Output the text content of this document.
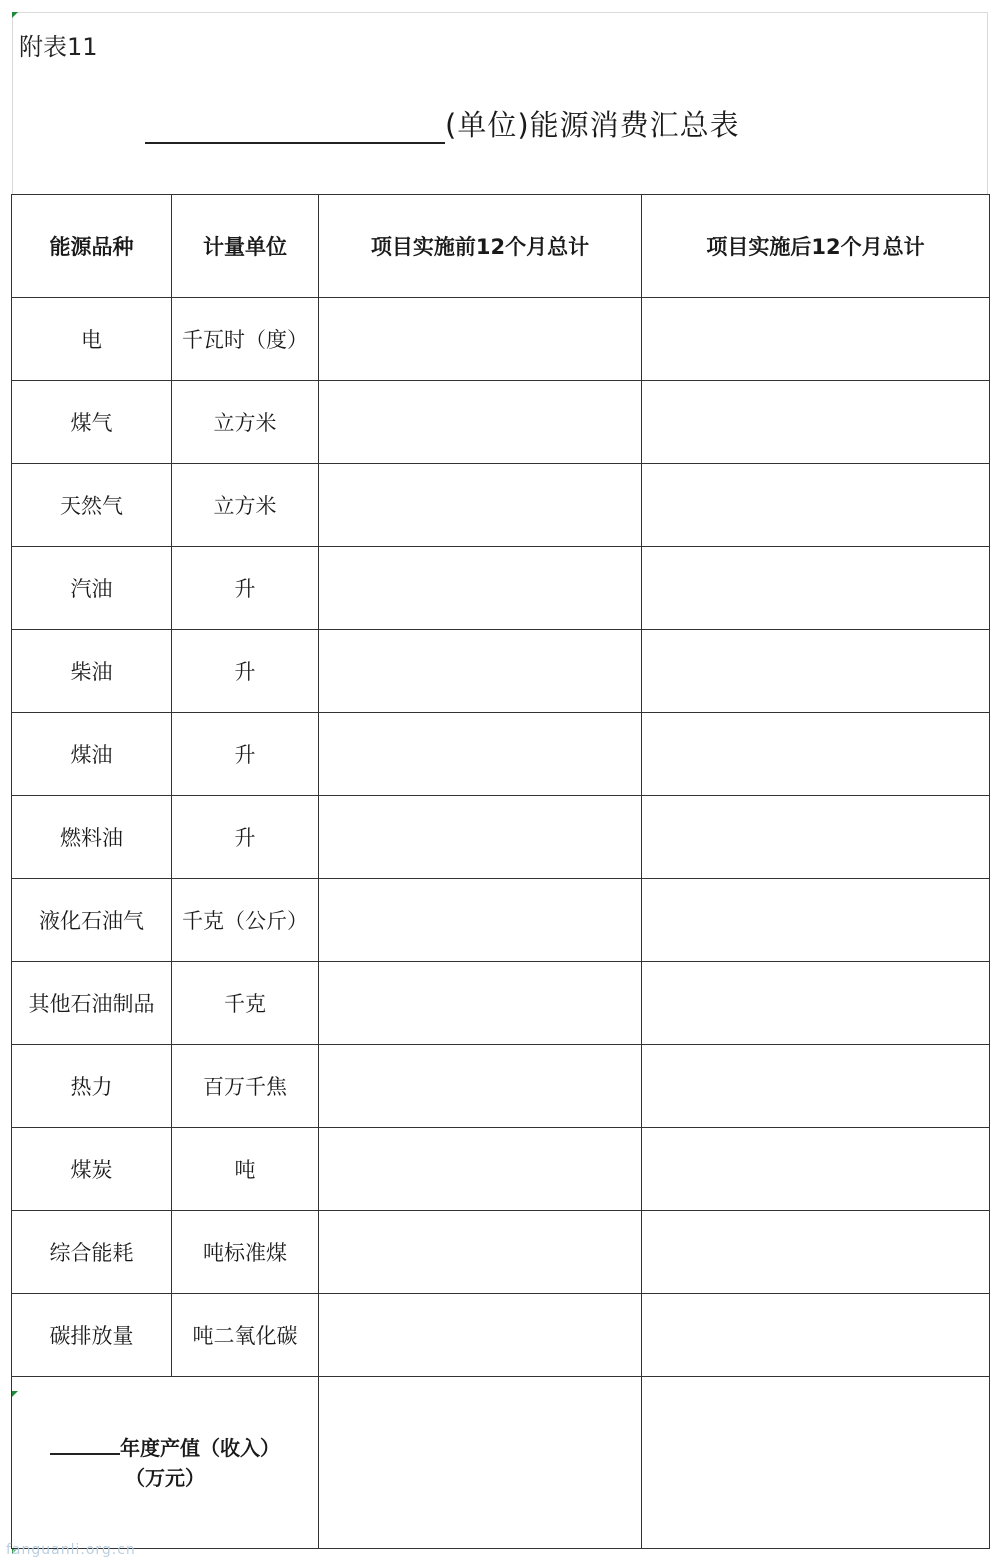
附表11
(单位)能源消费汇总表
能源品种	计量单位	项目实施前12个月总计	项目实施后12个月总计
电	千瓦时（度）		
煤气	立方米		
天然气	立方米		
汽油	升		
柴油	升		
煤油	升		
燃料油	升		
液化石油气	千克（公斤）		
其他石油制品	千克		
热力	百万千焦		
煤炭	吨		
综合能耗	吨标准煤		
碳排放量	吨二氧化碳		

年度产值（收入）
（万元）			

fanguanli.org.cn
